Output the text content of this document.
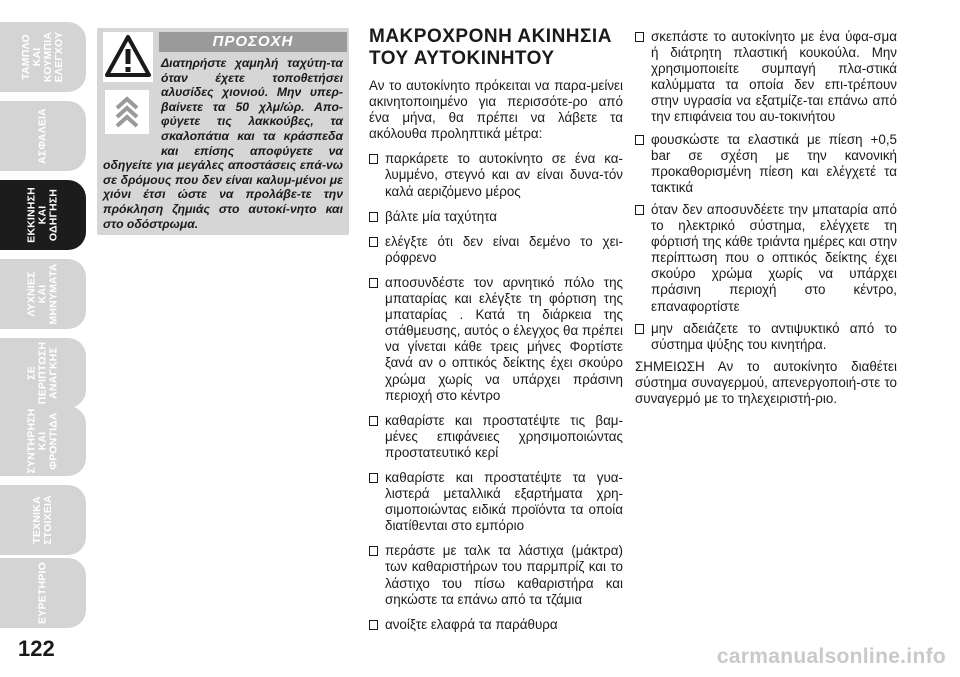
ΤΑΜΠΛΟ ΚΑΙ
ΚΟΥΜΠΙΑ
ΕΛΕΓΧΟΥ
ΑΣΦΑΛΕΙΑ
ΕΚΚΙΝΗΣΗ
ΚΑΙ ΟΔΗΓΗΣΗ
ΛΥΧΝΙΕΣ ΚΑΙ
ΜΗΝΥΜΑΤΑ
ΣΕ ΠΕΡΙΠΤΩΣΗ
ΑΝΑΓΚΗΣ
ΣΥΝΤΗΡΗΣΗ
ΚΑΙ ΦΡΟΝΤΙΔΑ
ΤΕΧΝΙΚΑ
ΣΤΟΙΧΕΙΑ
ΕΥΡΕΤΗΡΙΟ
122
ΠΡΟΣΟΧΗ
Διατηρήστε χαμηλή ταχύτη-τα όταν έχετε τοποθετήσει αλυσίδες χιονιού. Μην υπερ-βαίνετε τα 50 χλμ/ώρ. Απο-φύγετε τις λακκούβες, τα σκαλοπάτια και τα κράσπεδα και επίσης αποφύγετε να οδηγείτε για μεγάλες αποστάσεις επά-νω σε δρόμους που δεν είναι καλυμ-μένοι με χιόνι έτσι ώστε να προλάβε-τε την πρόκληση ζημιάς στο αυτοκί-νητο και στο οδόστρωμα.
ΜΑΚΡΟΧΡΟΝΗ ΑΚΙΝΗΣΙΑ
ΤΟΥ ΑΥΤΟΚΙΝΗΤΟΥ

Αν το αυτοκίνητο πρόκειται να παρα-μείνει ακινητοποιημένο για περισσότε-ρο από ένα μήνα, θα πρέπει να λάβετε τα ακόλουθα προληπτικά μέτρα:

παρκάρετε το αυτοκίνητο σε ένα κα-λυμμένο, στεγνό και αν είναι δυνα-τόν καλά αεριζόμενο μέρος
βάλτε μία ταχύτητα
ελέγξτε ότι δεν είναι δεμένο το χει-ρόφρενο
αποσυνδέστε τον αρνητικό πόλο της μπαταρίας και ελέγξτε τη φόρτιση της μπαταρίας . Κατά τη διάρκεια της στάθμευσης, αυτός ο έλεγχος θα πρέπει να γίνεται κάθε τρεις μήνες Φορτίστε ξανά αν ο οπτικός δείκτης έχει σκούρο χρώμα χωρίς να υπάρχει πράσινη περιοχή στο κέντρο
καθαρίστε και προστατέψτε τις βαμ-μένες επιφάνειες χρησιμοποιώντας προστατευτικό κερί
καθαρίστε και προστατέψτε τα γυα-λιστερά μεταλλικά εξαρτήματα χρη-σιμοποιώντας ειδικά προϊόντα τα οποία διατίθενται στο εμπόριο
περάστε με ταλκ τα λάστιχα (μάκτρα) των καθαριστήρων του παρμπρίζ και το λάστιχο του πίσω καθαριστήρα και σηκώστε τα επάνω από τα τζάμια
ανοίξτε ελαφρά τα παράθυρα
σκεπάστε το αυτοκίνητο με ένα ύφα-σμα ή διάτρητη πλαστική κουκούλα. Μην χρησιμοποιείτε συμπαγή πλα-στικά καλύμματα τα οποία δεν επι-τρέπουν στην υγρασία να εξατμίζε-ται επάνω από την επιφάνεια του αυ-τοκινήτου
φουσκώστε τα ελαστικά με πίεση +0,5 bar σε σχέση με την κανονική προκαθορισμένη πίεση και ελέγχετέ τα τακτικά
όταν δεν αποσυνδέετε την μπαταρία από το ηλεκτρικό σύστημα, ελέγχετε τη φόρτισή της κάθε τριάντα ημέρες και στην περίπτωση που ο οπτικός δείκτης έχει σκούρο χρώμα χωρίς να υπάρχει πράσινη περιοχή στο κέντρο, επαναφορτίστε
μην αδειάζετε το αντιψυκτικό από το σύστημα ψύξης του κινητήρα.

ΣΗΜΕΙΩΣΗ Αν το αυτοκίνητο διαθέτει σύστημα συναγερμού, απενεργοποιή-στε το συναγερμό με το τηλεχειριστή-ριο.

carmanualsonline.info
